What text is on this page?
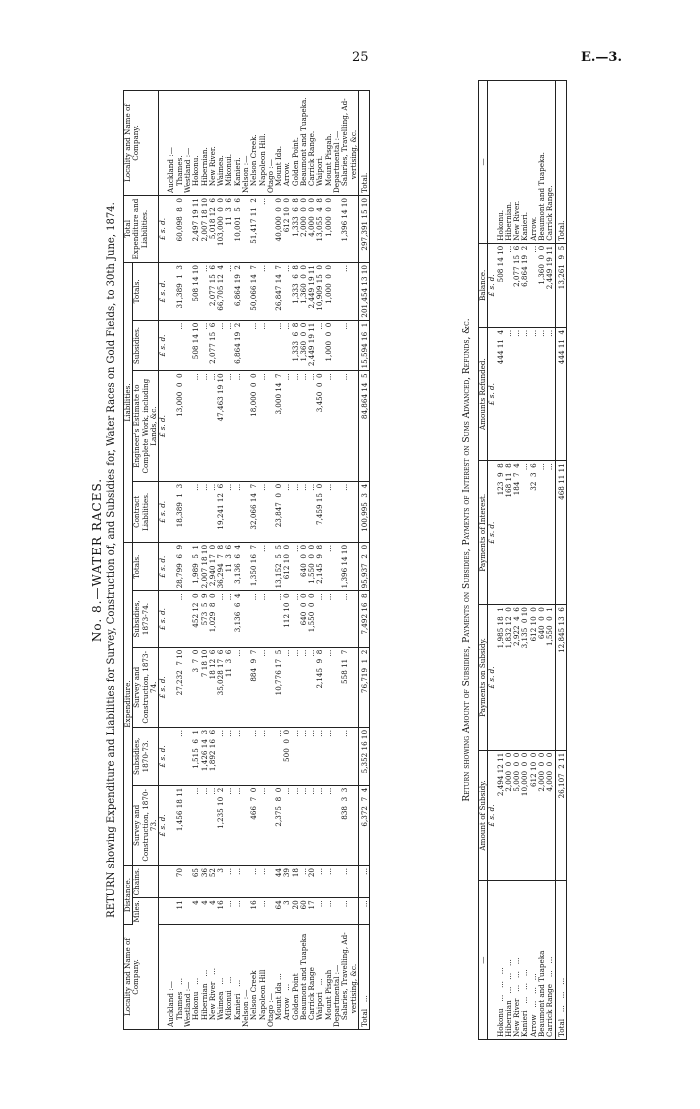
25	E.—3.
No. 8.—WATER RACES. RETURN showing Expenditure and Liabilities for Survey, Construction of, and Subsidies for, Water Races on Gold Fields, to 30th June, 1874.
Locality and Name of Company.	Distance.		Expenditure.					Liabilities.				Total Expenditure and Liabilities.	Locality and Name of Company.
	Miles.	Chains.	Survey and Construction, 1870-73.	Subsidies, 1870-73.	Survey and Construction, 1873-74.	Subsidies, 1873-74.	Totals.	Contract Liabilities.	Engineer's Estimate to Complete Work, including Lands, &c.	Subsidies.	Totals.		
			£ s. d.	£ s. d.	£ s. d.	£ s. d.	£ s. d.	£ s. d.	£ s. d.	£ s. d.	£ s. d.	£ s. d.	
Auckland :—													Auckland :—
Thames   ...	11	70	1,456 18 11	...	27,232  7 10	...	28,799  6  9	18,389  1  3	13,000  0  0	...	31,389  1  3	60,098  8  0	Thames.
Westland :—													Westland :—
Hokonu   ...	4	65	...	1,515  6  1	3  7  0	452 12  0	1,989  5  1	...	...	508 14 10	508 14 10	2,497 19 11	Hokonu.
Hibernian   ...	4	36	...	1,426 14  3	7 18 10	573  5  9	2,007 18 10	...	...	...	...	2,007 18 10	Hibernian.
New River   ...	4	52	...	1,892 16  6	18 12  6	1,029  8  0	2,940 17  0	...	...	2,077 15  6	2,077 15  6	5,018 12  6	New River.
Waimea   ...	16	3	1,235 10  2	...	35,028 17  6	...	36,294  7  8	19,241 12  6	47,463 19 10	...	66,705 12  4	103,000  0  0	Waimea.
Mikonui   ...	...	...	...	...	11  3  6	...	11  3  6	...	...	...	...	11  3  6	Mikonui.
Kanieri   ...	...	...	...	...	...	3,136  6  4	3,136  6  4	...	...	6,864 19  2	6,864 19  2	10,001  5  6	Kanieri.
Nelson :—													Nelson :—
Nelson Creek	16	...	466  7  0	...	884  9  7	...	1,350 16  7	32,066 14  7	18,000  0  0	...	50,066 14  7	51,417 11  2	Nelson Creek.
Napoleon Hill	...	...	...	...	...	...	...	...	...	...	...	...	Napoleon Hill.
Otago :—													Otago :—
Mount Ida ...	64	44	2,375  8  0	...	10,776 17  5	...	13,152  5  5	23,847  0  0	3,000 14  7	...	26,847 14  7	40,000  0  0	Mount Ida.
Arrow   ...	3	39	...	500  0  0	...	112 10  0	612 10  0	...	...	...	...	612 10  0	Arrow.
Golden Point	20	18	...	...	...	...	...	...	...	1,333  6  8	1,333  6  8	1,333  6  8	Golden Point.
Beaumont and Tuapeka	60	...	...	...	...	640  0  0	640  0  0	...	...	1,360  0  0	1,360  0  0	2,000  0  0	Beaumont and Tuapeka.
Carrick Range	17	20	...	...	...	1,550  0  0	1,550  0  0	...	...	2,449 19 11	2,449 19 11	4,000  0  0	Carrick Range.
Waipori   ...	...	...	...	...	2,145  9  8	...	2,145  9  8	7,459 15  0	3,450  0  0	...	10,909 15  0	13,055  4  8	Waipori.
Mount Pisgah	...	...	...	...	...	...	...	...	...	1,000  0  0	1,000  0  0	1,000  0  0	Mount Pisgah.
Departmental :—													Departmental :—
Salaries, Travelling, Ad-
vertising, &c.	...	...	838  3  3	...	558 11  7	...	1,396 14 10	...	...	...	...	1,396 14 10	Salaries, Travelling, Ad-
vertising, &c.
Total   ...	...	...	6,372  7  4	5,352 16 10	76,719  1  2	7,492 16  8	95,937  2  0	100,995  3  4	84,864 14  5	15,594 16  1	201,454 13 10	297,391 15 10	Total.
Return showing Amount of Subsidies, Payments on Subsidies, Payments of Interest on Sums Advanced, Refunds, &c.
—	Amount of Subsidy.	Payments on Subsidy.	Payments of Interest.	Amounts Refunded.	Balance.	—
	£ s. d.	£ s. d.	£ s. d.	£ s. d.	£ s. d.	
Hokonu   ...   ...   ...	2,494 12 11	1,985 18  1	123  9  8	444 11  4	508 14 10	Hokonu.
Hibernian   ...   ...   ...	2,000  0  0	1,832 12  0	168 11  8	...	...	Hibernian.
New River   ...   ...   ...	5,000  0  0	2,922  4  6	184  7  4	...	2,077 15  6	New River.
Kanieri   ...   ...   ...	10,000  0  0	3,135  0 10	...	...	6,864 19  2	Kanieri.
Arrow   ...   ...   ...	612 10  0	612 10  0	32  3  6	...	...	Arrow.
Beaumont and Tuapeka	2,000  0  0	640  0  0	...	...	1,360  0  0	Beaumont and Tuapeka.
Carrick Range   ...   ...	4,000  0  0	1,550  0  1	...	...	2,449 19 11	Carrick Range.
Total   ...   ...   ...	26,107  2 11	12,845 13  6	468 11 11	444 11  4	13,261  9  5	Total.
